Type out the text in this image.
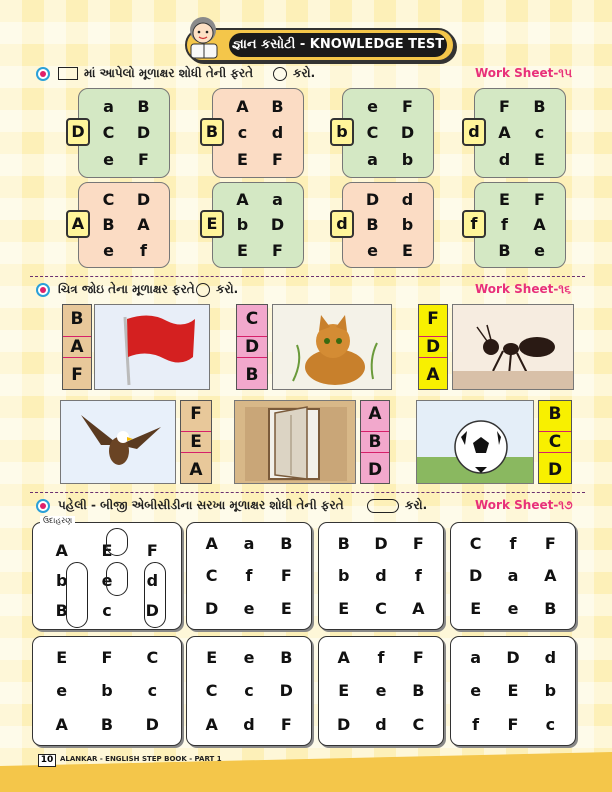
જ્ઞાન કસોટી - KNOWLEDGE TEST
માં આપેલો મૂળાક્ષર શોધી તેની ફરતે	કરો.	Work Sheet-૧૫
a B
C D
e F
D
A B
c d
E F
B
e F
C D
a b
b
F B
A c
d E
d
C D
B A
e f
A
A a
b D
E F
E
D d
B b
e E
d
E F
f A
B e
f
ચિત્ર જોઇ તેના મૂળાક્ષર ફરતે કરો.	Work Sheet-૧૬
B
A
F
C
D
B
F
D
A
F
E
A
A
B
D
B
C
D
પહેલી - બીજી એબીસીડીના સરખા મૂળાક્ષર શોધી તેની ફરતે	કરો.	Work Sheet-૧૭
A E F
b e d
B c D
ઉદાહરણ
A a B
C f F
D e E
B D F
b d f
E C A
C f F
D a A
E e B
E F C
e b c
A B D
E e B
C c D
A d F
A f F
E e B
D d C
a D d
e E b
f F c
10 ALANKAR - ENGLISH STEP BOOK - PART 1
